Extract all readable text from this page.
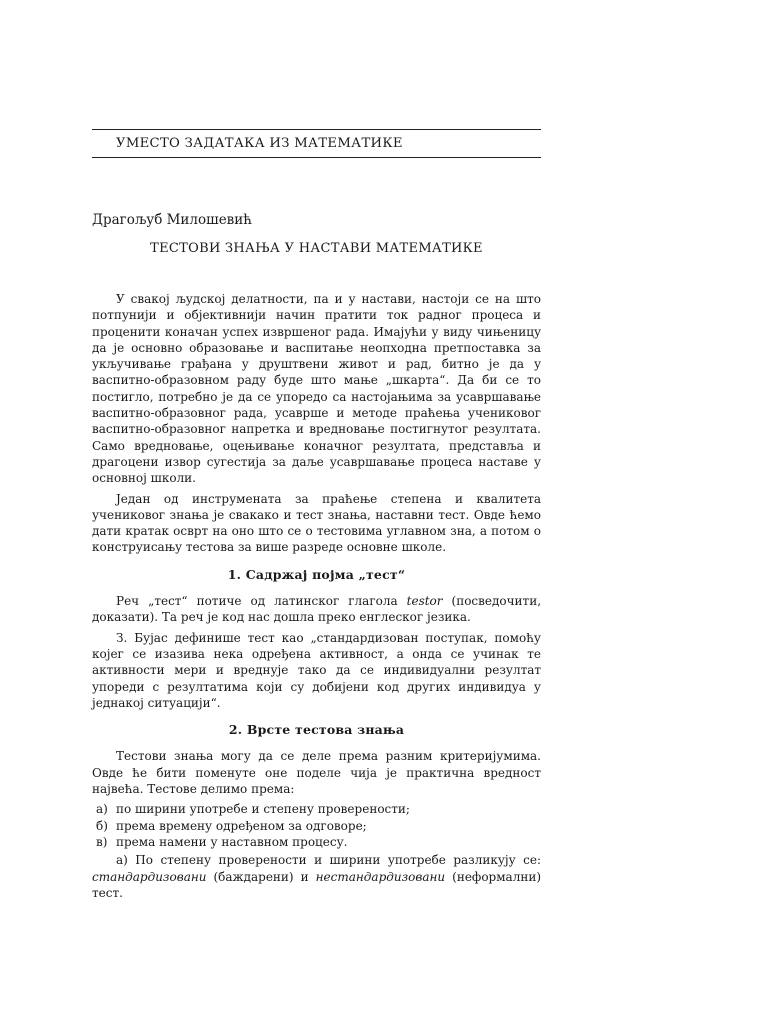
УМЕСТО ЗАДАТАКА ИЗ МАТЕМАТИКЕ
Драгољуб Милошевић
ТЕСТОВИ ЗНАЊА У НАСТАВИ МАТЕМАТИКЕ

У свакој људској делатности, па и у настави, настоји се на што потпунији и објективнији начин пратити ток радног процеса и проценити коначан успех извршеног рада. Имајући у виду чињеницу да је основно образовање и васпитање неопходна претпоставка за укључивање грађана у друштвени живот и рад, битно је да у васпитно-образовном раду буде што мање „шкарта“. Да би се то постигло, потребно је да се упоредо са настојањима за усавршавање васпитно-образовног рада, усаврше и методе праћења учениковог васпитно-образовног напретка и вредновање постигнутог резултата. Само вредновање, оцењивање коначног резултата, представља и драгоцени извор сугестија за даље усавршавање процеса наставе у основној школи.

Један од инструмената за праћење степена и квалитета учениковог знања је свакако и тест знања, наставни тест. Овде ћемо дати кратак осврт на оно што се о тестовима углавном зна, а потом о конструисању тестова за више разреде основне школе.

1. Садржај појма „тест“

Реч „тест“ потиче од латинског глагола testor (посведочити, доказати). Та реч је код нас дошла преко енглеског језика.

З. Бујас дефинише тест као „стандардизован поступак, помоћу којег се изазива нека одређена активност, а онда се учинак те активности мери и вреднује тако да се индивидуални резултат упореди с резултатима који су добијени код других индивидуа у једнакој ситуацији“.

2. Врсте тестова знања

Тестови знања могу да се деле према разним критеријумима. Овде ће бити поменуте оне поделе чија је практична вредност највећа. Тестове делимо према:

а) по ширини употребе и степену проверености;
б) према времену одређеном за одговоре;
в) према намени у наставном процесу.

а) По степену проверености и ширини употребе разликују се: стандардизовани (баждарени) и нестандардизовани (неформални) тест.
